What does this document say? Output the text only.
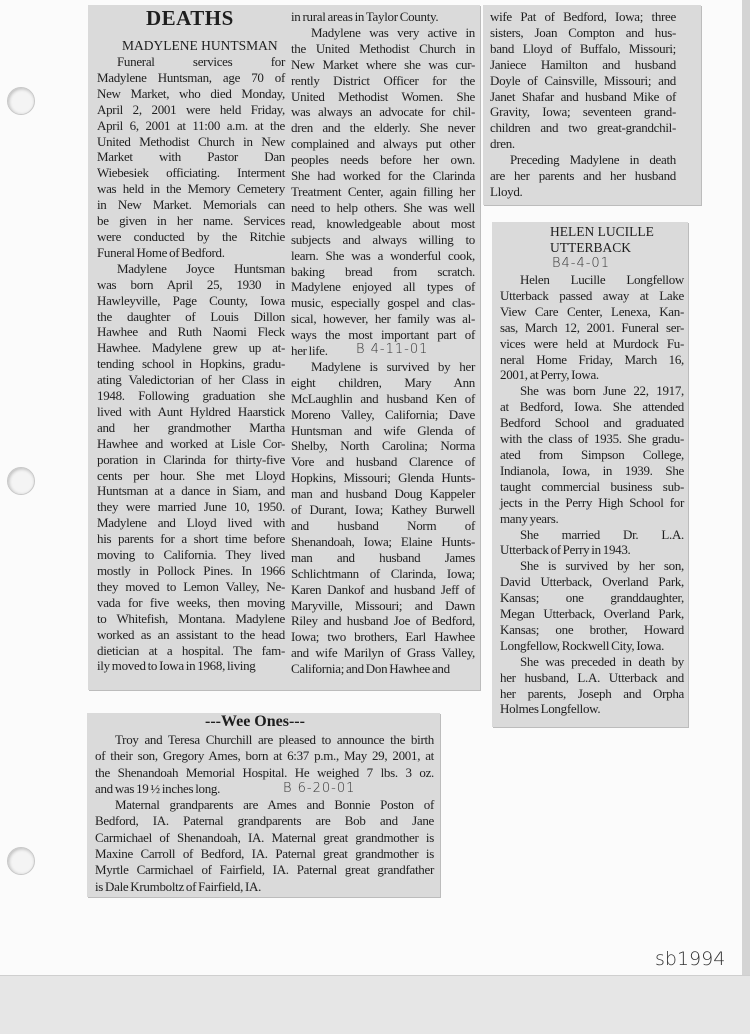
DEATHS
MADYLENE HUNTSMAN
Funeral services for
Madylene Huntsman, age 70 of
New Market, who died Monday,
April 2, 2001 were held Friday,
April 6, 2001 at 11:00 a.m. at the
United Methodist Church in New
Market with Pastor Dan
Wiebesiek officiating. Interment
was held in the Memory Cemetery
in New Market. Memorials can
be given in her name. Services
were conducted by the Ritchie
Funeral Home of Bedford.
Madylene Joyce Huntsman
was born April 25, 1930 in
Hawleyville, Page County, Iowa
the daughter of Louis Dillon
Hawhee and Ruth Naomi Fleck
Hawhee. Madylene grew up at-
tending school in Hopkins, gradu-
ating Valedictorian of her Class in
1948. Following graduation she
lived with Aunt Hyldred Haarstick
and her grandmother Martha
Hawhee and worked at Lisle Cor-
poration in Clarinda for thirty-five
cents per hour. She met Lloyd
Huntsman at a dance in Siam, and
they were married June 10, 1950.
Madylene and Lloyd lived with
his parents for a short time before
moving to California. They lived
mostly in Pollock Pines. In 1966
they moved to Lemon Valley, Ne-
vada for five weeks, then moving
to Whitefish, Montana. Madylene
worked as an assistant to the head
dietician at a hospital. The fam-
ily moved to Iowa in 1968, living
in rural areas in Taylor County.
Madylene was very active in
the United Methodist Church in
New Market where she was cur-
rently District Officer for the
United Methodist Women. She
was always an advocate for chil-
dren and the elderly. She never
complained and always put other
peoples needs before her own.
She had worked for the Clarinda
Treatment Center, again filling her
need to help others. She was well
read, knowledgeable about most
subjects and always willing to
learn. She was a wonderful cook,
baking bread from scratch.
Madylene enjoyed all types of
music, especially gospel and clas-
sical, however, her family was al-
ways the most important part of
her life.
Madylene is survived by her
eight children, Mary Ann
McLaughlin and husband Ken of
Moreno Valley, California; Dave
Huntsman and wife Glenda of
Shelby, North Carolina; Norma
Vore and husband Clarence of
Hopkins, Missouri; Glenda Hunts-
man and husband Doug Kappeler
of Durant, Iowa; Kathey Burwell
and husband Norm of
Shenandoah, Iowa; Elaine Hunts-
man and husband James
Schlichtmann of Clarinda, Iowa;
Karen Dankof and husband Jeff of
Maryville, Missouri; and Dawn
Riley and husband Joe of Bedford,
Iowa; two brothers, Earl Hawhee
and wife Marilyn of Grass Valley,
California; and Don Hawhee and
B 4-11-01
wife Pat of Bedford, Iowa; three
sisters, Joan Compton and hus-
band Lloyd of Buffalo, Missouri;
Janiece Hamilton and husband
Doyle of Cainsville, Missouri; and
Janet Shafar and husband Mike of
Gravity, Iowa; seventeen grand-
children and two great-grandchil-
dren.
Preceding Madylene in death
are her parents and her husband
Lloyd.
HELEN LUCILLE
UTTERBACK
B4-4-01
Helen Lucille Longfellow
Utterback passed away at Lake
View Care Center, Lenexa, Kan-
sas, March 12, 2001. Funeral ser-
vices were held at Murdock Fu-
neral Home Friday, March 16,
2001, at Perry, Iowa.
She was born June 22, 1917,
at Bedford, Iowa. She attended
Bedford School and graduated
with the class of 1935. She gradu-
ated from Simpson College,
Indianola, Iowa, in 1939. She
taught commercial business sub-
jects in the Perry High School for
many years.
She married Dr. L.A.
Utterback of Perry in 1943.
She is survived by her son,
David Utterback, Overland Park,
Kansas; one granddaughter,
Megan Utterback, Overland Park,
Kansas; one brother, Howard
Longfellow, Rockwell City, Iowa.
She was preceded in death by
her husband, L.A. Utterback and
her parents, Joseph and Orpha
Holmes Longfellow.
---Wee Ones---
Troy and Teresa Churchill are pleased to announce the birth
of their son, Gregory Ames, born at 6:37 p.m., May 29, 2001, at
the Shenandoah Memorial Hospital. He weighed 7 lbs. 3 oz.
and was 19 ½ inches long.
Maternal grandparents are Ames and Bonnie Poston of
Bedford, IA. Paternal grandparents are Bob and Jane
Carmichael of Shenandoah, IA. Maternal great grandmother is
Maxine Carroll of Bedford, IA. Paternal great grandmother is
Myrtle Carmichael of Fairfield, IA. Paternal great grandfather
is Dale Krumboltz of Fairfield, IA.
B 6-20-01
sb1994
